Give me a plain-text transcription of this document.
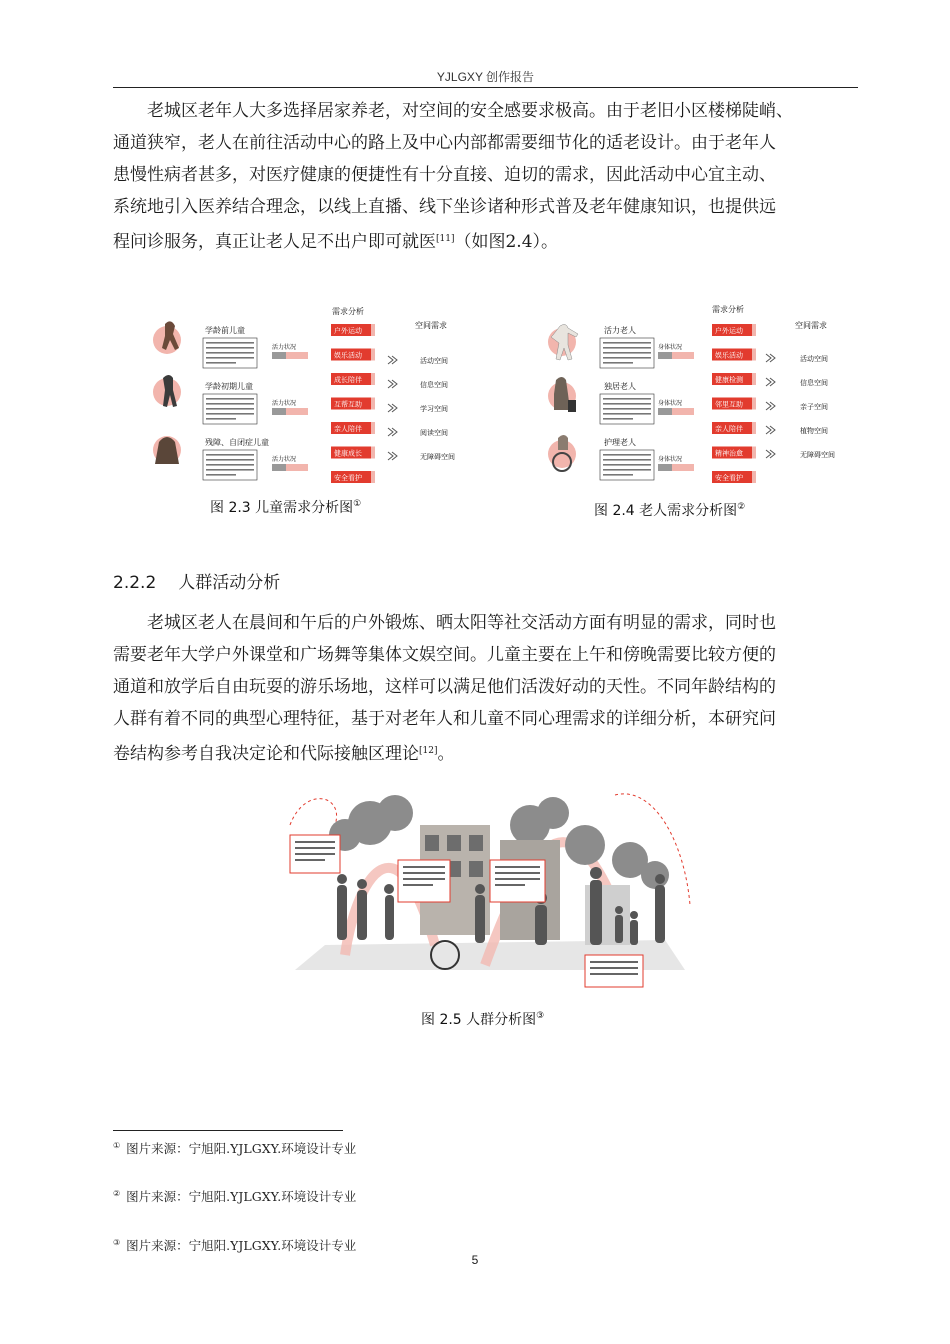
YJLGXY 创作报告

老城区老年人大多选择居家养老，对空间的安全感要求极高。由于老旧小区楼梯陡峭、
通道狭窄，老人在前往活动中心的路上及中心内部都需要细节化的适老设计。由于老年人
患慢性病者甚多，对医疗健康的便捷性有十分直接、迫切的需求，因此活动中心宜主动、
系统地引入医养结合理念，以线上直播、线下坐诊诸种形式普及老年健康知识，也提供远
程问诊服务，真正让老人足不出户即可就医[11]（如图2.4）。

学龄前儿童
活力状况
学龄初期儿童
活力状况
残障、自闭症儿童
活力状况
需求分析
空间需求
户外运动
娱乐活动
成长陪伴
互帮互助
亲人陪伴
健康成长
安全看护
活动空间
信息空间
学习空间
阅读空间
无障碍空间
图 2.3 儿童需求分析图①
活力老人
身体状况
独居老人
身体状况
护理老人
身体状况
需求分析
空间需求
户外运动
娱乐活动
健康检测
邻里互助
亲人陪伴
精神治愈
安全看护
活动空间
信息空间
亲子空间
植物空间
无障碍空间
图 2.4 老人需求分析图②
2.2.2 人群活动分析

老城区老人在晨间和午后的户外锻炼、晒太阳等社交活动方面有明显的需求，同时也
需要老年大学户外课堂和广场舞等集体文娱空间。儿童主要在上午和傍晚需要比较方便的
通道和放学后自由玩耍的游乐场地，这样可以满足他们活泼好动的天性。不同年龄结构的
人群有着不同的典型心理特征，基于对老年人和儿童不同心理需求的详细分析，本研究问
卷结构参考自我决定论和代际接触区理论[12]。

图 2.5 人群分析图③
① 图片来源：宁旭阳.YJLGXY.环境设计专业
② 图片来源：宁旭阳.YJLGXY.环境设计专业
③ 图片来源：宁旭阳.YJLGXY.环境设计专业
5
